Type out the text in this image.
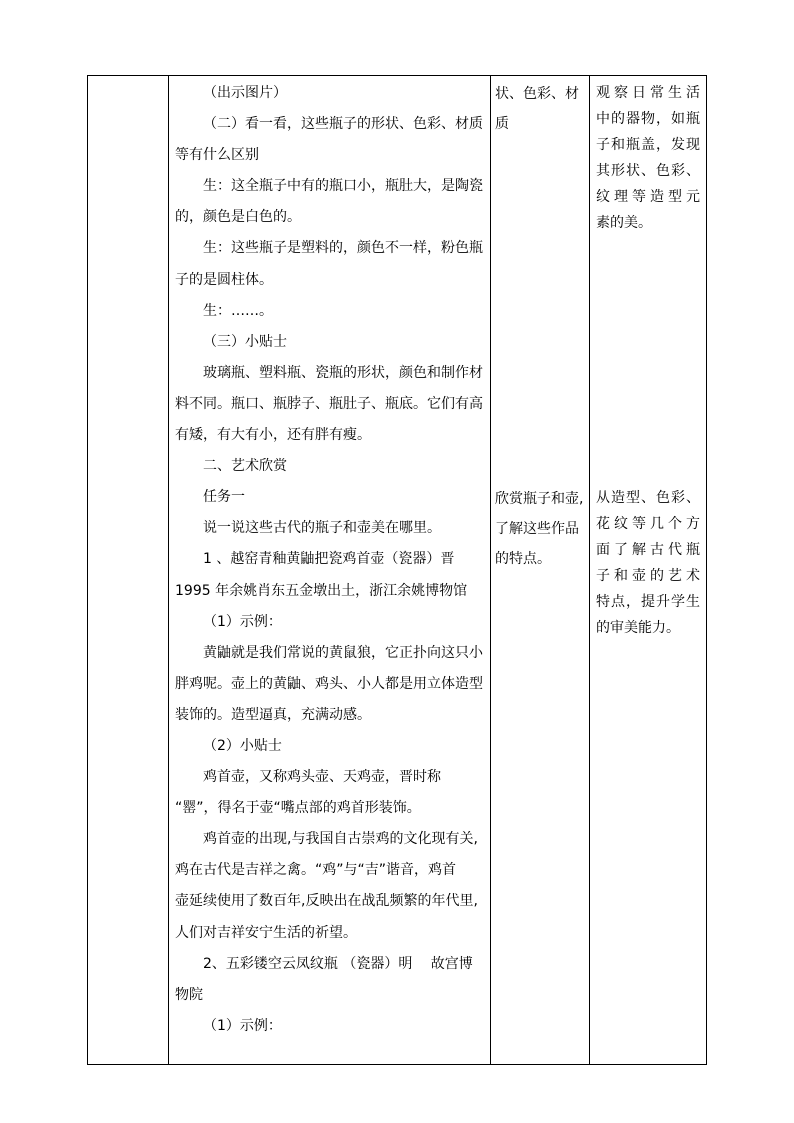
（出示图片）
（二）看一看，这些瓶子的形状、色彩、材质
等有什么区别
生：这全瓶子中有的瓶口小，瓶肚大，是陶瓷
的，颜色是白色的。
生：这些瓶子是塑料的，颜色不一样，粉色瓶
子的是圆柱体。
生：……。
（三）小贴士
玻璃瓶、塑料瓶、瓷瓶的形状，颜色和制作材
料不同。瓶口、瓶脖子、瓶肚子、瓶底。它们有高
有矮，有大有小，还有胖有瘦。
二、艺术欣赏
任务一
说一说这些古代的瓶子和壶美在哪里。
1 、越窑青釉黄鼬把瓷鸡首壶（瓷器）晋
1995 年余姚肖东五金墩出土，浙江余姚博物馆
（1）示例：
黄鼬就是我们常说的黄鼠狼，它正扑向这只小
胖鸡呢。壶上的黄鼬、鸡头、小人都是用立体造型
装饰的。造型逼真，充满动感。
（2）小贴士
鸡首壶，又称鸡头壶、天鸡壶，晋时称
“罂”，得名于壶“嘴点部的鸡首形装饰。
鸡首壶的出现,与我国自古崇鸡的文化现有关,
鸡在古代是吉祥之禽。“鸡”与“吉”谐音，鸡首
壶延续使用了数百年,反映出在战乱频繁的年代里,
人们对吉祥安宁生活的祈望。
2、五彩镂空云凤纹瓶 （瓷器）明　 故宫博
物院
（1）示例：
状、色彩、材
质
欣赏瓶子和壶,
了解这些作品
的特点。
观察日常生活
中的器物，如瓶
子和瓶盖，发现
其形状、色彩、
纹理等造型元
素的美。
从造型、色彩、
花纹等几个方
面了解古代瓶
子和壶的艺术
特点，提升学生
的审美能力。
